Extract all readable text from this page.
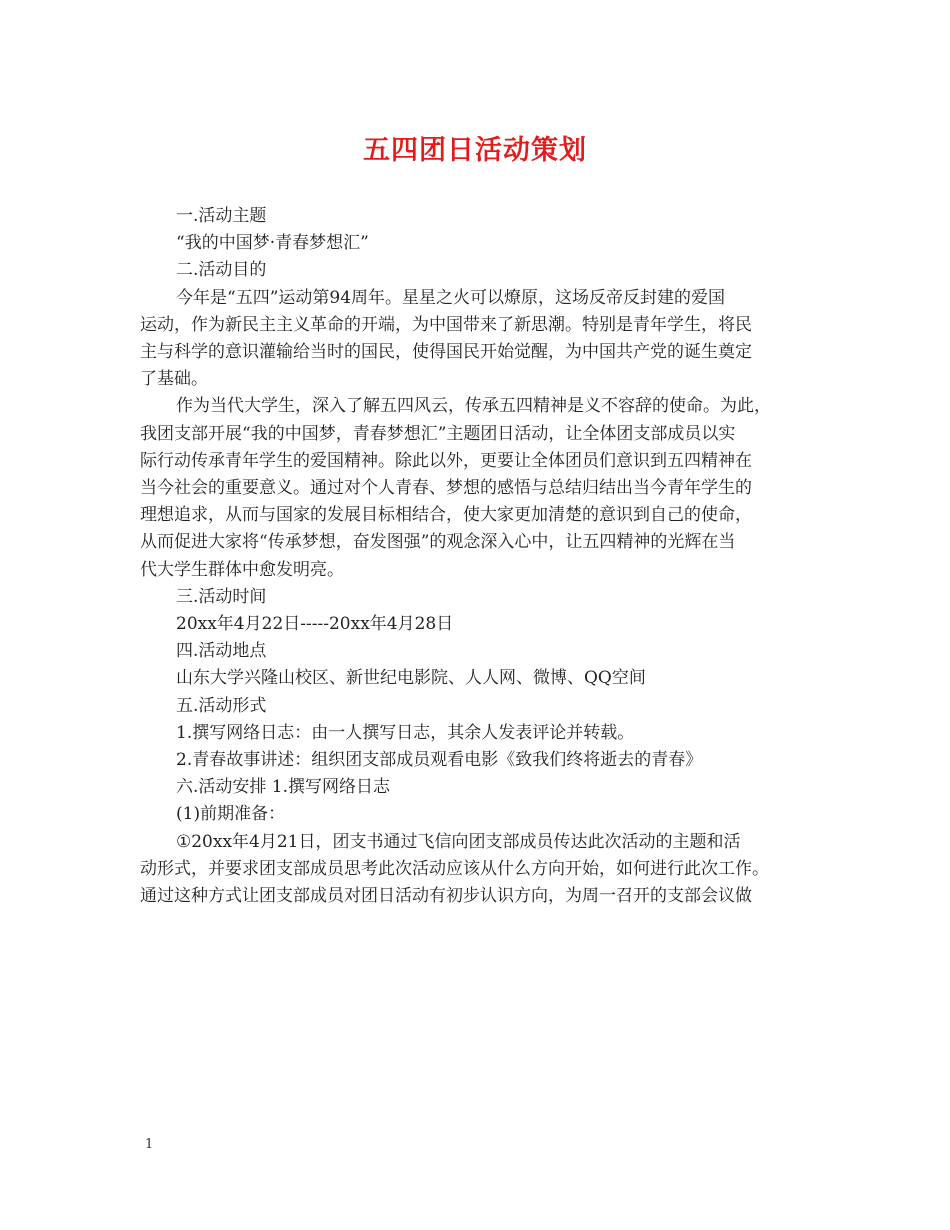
五四团日活动策划

一.活动主题

“我的中国梦·青春梦想汇”

二.活动目的

今年是“五四”运动第94周年。星星之火可以燎原，这场反帝反封建的爱国

运动，作为新民主主义革命的开端，为中国带来了新思潮。特别是青年学生，将民

主与科学的意识灌输给当时的国民，使得国民开始觉醒，为中国共产党的诞生奠定

了基础。

作为当代大学生，深入了解五四风云，传承五四精神是义不容辞的使命。为此，

我团支部开展“我的中国梦，青春梦想汇”主题团日活动，让全体团支部成员以实

际行动传承青年学生的爱国精神。除此以外，更要让全体团员们意识到五四精神在

当今社会的重要意义。通过对个人青春、梦想的感悟与总结归结出当今青年学生的

理想追求，从而与国家的发展目标相结合，使大家更加清楚的意识到自己的使命，

从而促进大家将“传承梦想，奋发图强”的观念深入心中，让五四精神的光辉在当

代大学生群体中愈发明亮。

三.活动时间

20xx年4月22日-----20xx年4月28日

四.活动地点

山东大学兴隆山校区、新世纪电影院、人人网、微博、QQ空间

五.活动形式

1.撰写网络日志：由一人撰写日志，其余人发表评论并转载。

2.青春故事讲述：组织团支部成员观看电影《致我们终将逝去的青春》

六.活动安排 1.撰写网络日志

(1)前期准备：

①20xx年4月21日，团支书通过飞信向团支部成员传达此次活动的主题和活

动形式，并要求团支部成员思考此次活动应该从什么方向开始，如何进行此次工作。

通过这种方式让团支部成员对团日活动有初步认识方向，为周一召开的支部会议做

1
